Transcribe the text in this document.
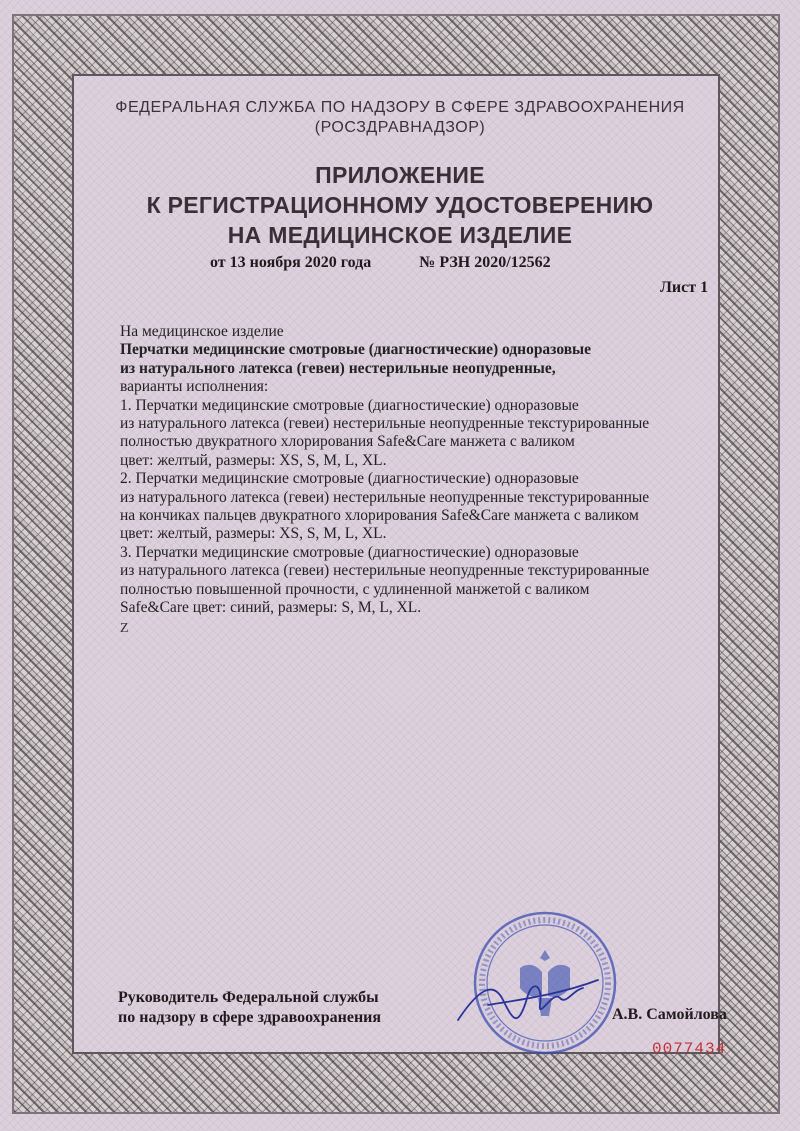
ФЕДЕРАЛЬНАЯ СЛУЖБА ПО НАДЗОРУ В СФЕРЕ ЗДРАВООХРАНЕНИЯ
(РОСЗДРАВНАДЗОР)
ПРИЛОЖЕНИЕ
К РЕГИСТРАЦИОННОМУ УДОСТОВЕРЕНИЮ
НА МЕДИЦИНСКОЕ ИЗДЕЛИЕ
от 13 ноября 2020 года	№ РЗН 2020/12562
Лист 1

На медицинское изделие

Перчатки медицинские смотровые (диагностические) одноразовые

из натурального латекса (гевеи) нестерильные неопудренные,

варианты исполнения:

1. Перчатки медицинские смотровые (диагностические) одноразовые

из натурального латекса (гевеи) нестерильные неопудренные текстурированные

полностью двукратного хлорирования Safe&Care манжета с валиком

цвет: желтый, размеры: XS, S, M, L, XL.

2. Перчатки медицинские смотровые (диагностические) одноразовые

из натурального латекса (гевеи) нестерильные неопудренные текстурированные

на кончиках пальцев двукратного хлорирования Safe&Care манжета с валиком

цвет: желтый, размеры: XS, S, M, L, XL.

3. Перчатки медицинские смотровые (диагностические) одноразовые

из натурального латекса (гевеи) нестерильные неопудренные текстурированные

полностью повышенной прочности, с удлиненной манжетой с валиком

Safe&Care цвет: синий, размеры: S, M, L, XL.

Z
Руководитель Федеральной службы
по надзору в сфере здравоохранения	А.В. Самойлова
0077434
